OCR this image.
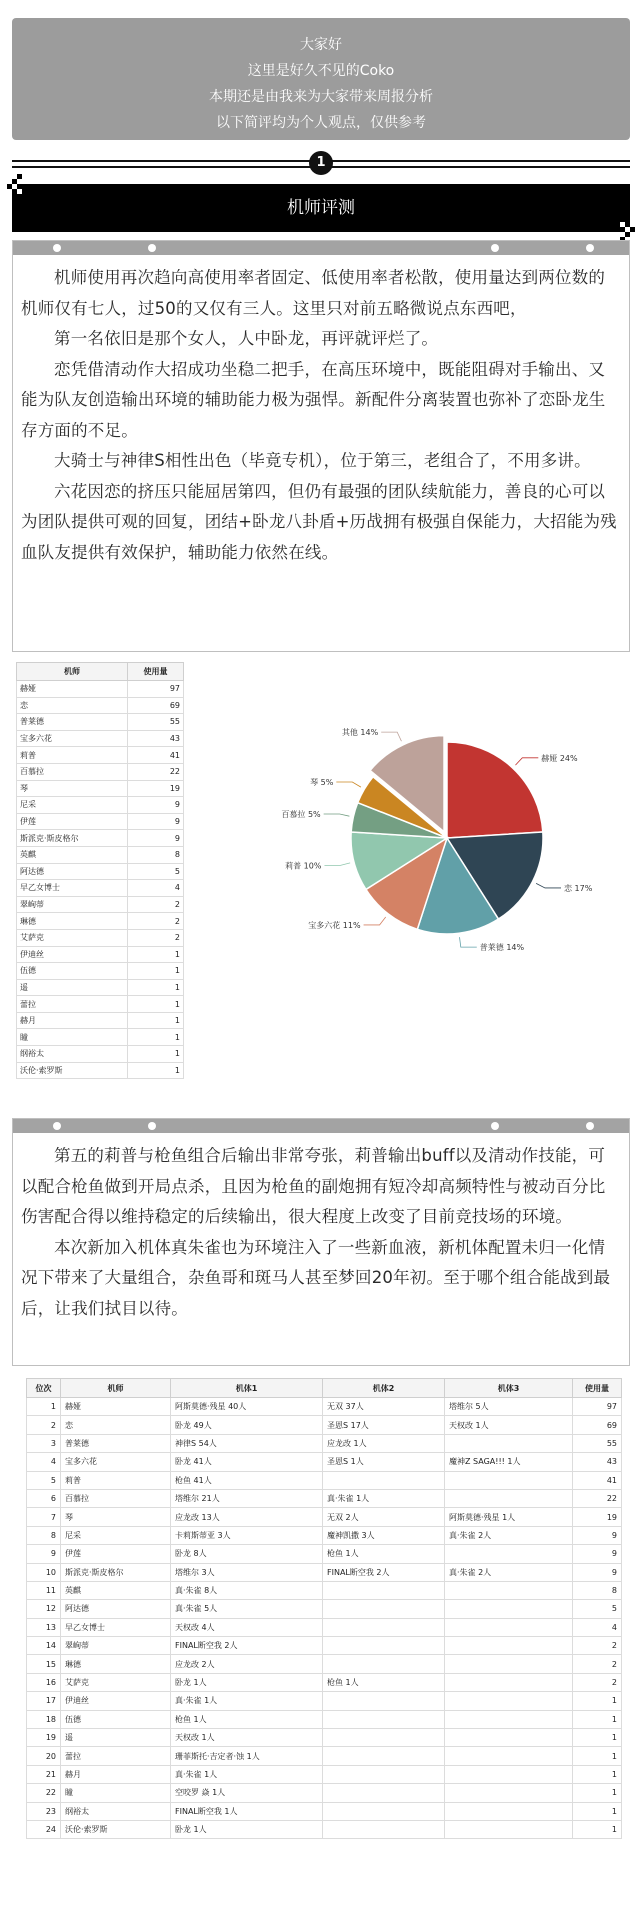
大家好
这里是好久不见的Coko
本期还是由我来为大家带来周报分析
以下简评均为个人观点，仅供参考
1
机师评测

机师使用再次趋向高使用率者固定、低使用率者松散，使用量达到两位数的机师仅有七人，过50的又仅有三人。这里只对前五略微说点东西吧，

第一名依旧是那个女人，人中卧龙，再评就评烂了。

恋凭借清动作大招成功坐稳二把手，在高压环境中，既能阻碍对手输出、又能为队友创造输出环境的辅助能力极为强悍。新配件分离装置也弥补了恋卧龙生存方面的不足。

大骑士与神律S相性出色（毕竟专机），位于第三，老组合了，不用多讲。

六花因恋的挤压只能屈居第四，但仍有最强的团队续航能力，善良的心可以为团队提供可观的回复，团结+卧龙八卦盾+历战拥有极强自保能力，大招能为残血队友提供有效保护，辅助能力依然在线。

机师	使用量
赫娅	97
恋	69
普莱德	55
宝多六花	43
莉普	41
百慕拉	22
琴	19
尼采	9
伊莲	9
斯派克·斯皮格尔	9
英麒	8
阿达德	5
早乙女博士	4
翠峋蒂	2
琳德	2
艾萨克	2
伊迪丝	1
伍德	1
遥	1
蕾拉	1
赫月	1
瞳	1
纲裕太	1
沃伦·索罗斯	1
赫娅 24%
恋 17%
普莱德 14%
宝多六花 11%
莉普 10%
百慕拉 5%
琴 5%
其他 14%

第五的莉普与枪鱼组合后输出非常夸张，莉普输出buff以及清动作技能，可以配合枪鱼做到开局点杀，且因为枪鱼的副炮拥有短冷却高频特性与被动百分比伤害配合得以维持稳定的后续输出，很大程度上改变了目前竞技场的环境。

本次新加入机体真朱雀也为环境注入了一些新血液，新机体配置未归一化情况下带来了大量组合，杂鱼哥和斑马人甚至梦回20年初。至于哪个组合能战到最后，让我们拭目以待。

位次	机师	机体1	机体2	机体3	使用量
1	赫娅	阿斯莫德·残星 40人	无双 37人	塔维尔 5人	97
2	恋	卧龙 49人	圣恩S 17人	天权改 1人	69
3	普莱德	神律S 54人	应龙改 1人		55
4	宝多六花	卧龙 41人	圣恩S 1人	魔神Z SAGA!!! 1人	43
5	莉普	枪鱼 41人			41
6	百慕拉	塔维尔 21人	真·朱雀 1人		22
7	琴	应龙改 13人	无双 2人	阿斯莫德·残星 1人	19
8	尼采	卡莉斯蒂亚 3人	魔神凯撒 3人	真·朱雀 2人	9
9	伊莲	卧龙 8人	枪鱼 1人		9
10	斯派克·斯皮格尔	塔维尔 3人	FINAL断空我 2人	真·朱雀 2人	9
11	英麒	真·朱雀 8人			8
12	阿达德	真·朱雀 5人			5
13	早乙女博士	天权改 4人			4
14	翠峋蒂	FINAL断空我 2人			2
15	琳德	应龙改 2人			2
16	艾萨克	卧龙 1人	枪鱼 1人		2
17	伊迪丝	真·朱雀 1人			1
18	伍德	枪鱼 1人			1
19	遥	天权改 1人			1
20	蕾拉	珊菲斯托·吉定者·蚀 1人			1
21	赫月	真·朱雀 1人			1
22	瞳	空咬罗 焱 1人			1
23	纲裕太	FINAL断空我 1人			1
24	沃伦·索罗斯	卧龙 1人			1
